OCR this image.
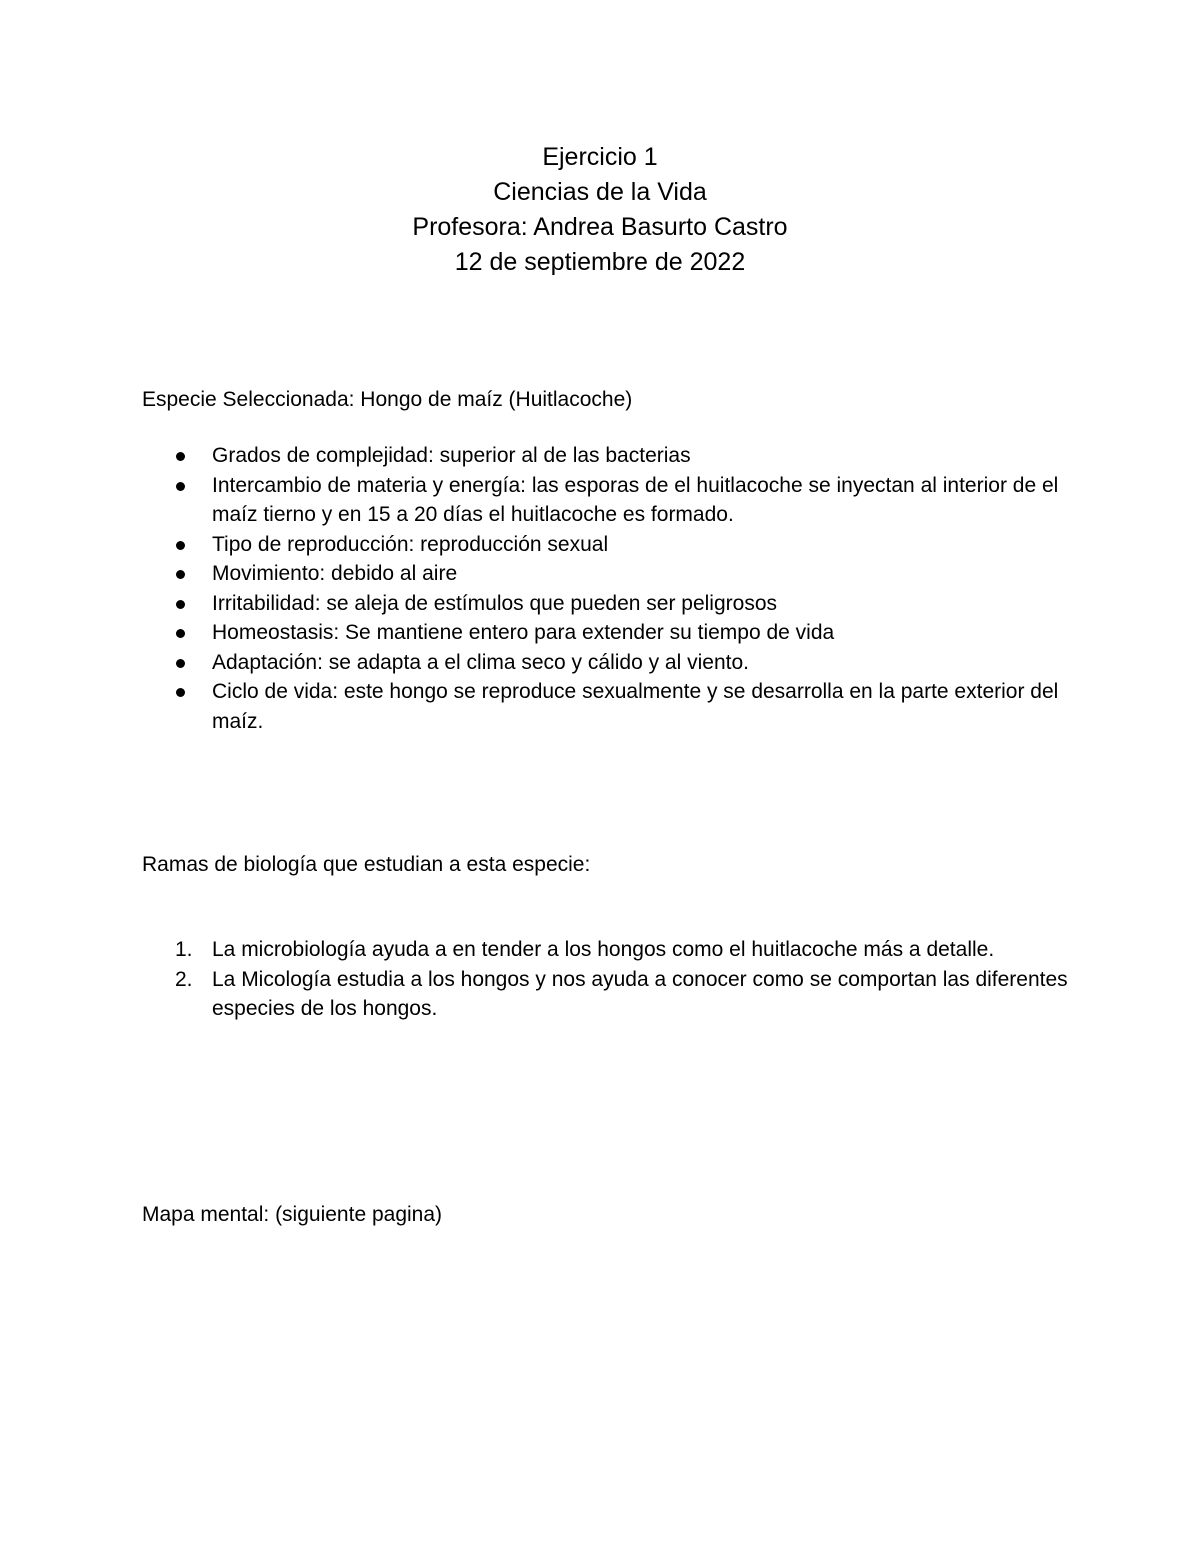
Ejercicio 1
Ciencias de la Vida
Profesora: Andrea Basurto Castro
12 de septiembre de 2022
Especie Seleccionada: Hongo de maíz (Huitlacoche)
Grados de complejidad: superior al de las bacterias
Intercambio de materia y energía: las esporas de el huitlacoche se inyectan al interior de el maíz tierno y en 15 a 20 días el huitlacoche es formado.
Tipo de reproducción: reproducción sexual
Movimiento: debido al aire
Irritabilidad: se aleja de estímulos que pueden ser peligrosos
Homeostasis: Se mantiene entero para extender su tiempo de vida
Adaptación: se adapta a el clima seco y cálido y al viento.
Ciclo de vida: este hongo se reproduce sexualmente y se desarrolla en la parte exterior del maíz.
Ramas de biología que estudian a esta especie:
1. La microbiología ayuda a en tender a los hongos como el huitlacoche más a detalle.
2. La Micología estudia a los hongos y nos ayuda a conocer como se comportan las diferentes especies de los hongos.
Mapa mental: (siguiente pagina)
